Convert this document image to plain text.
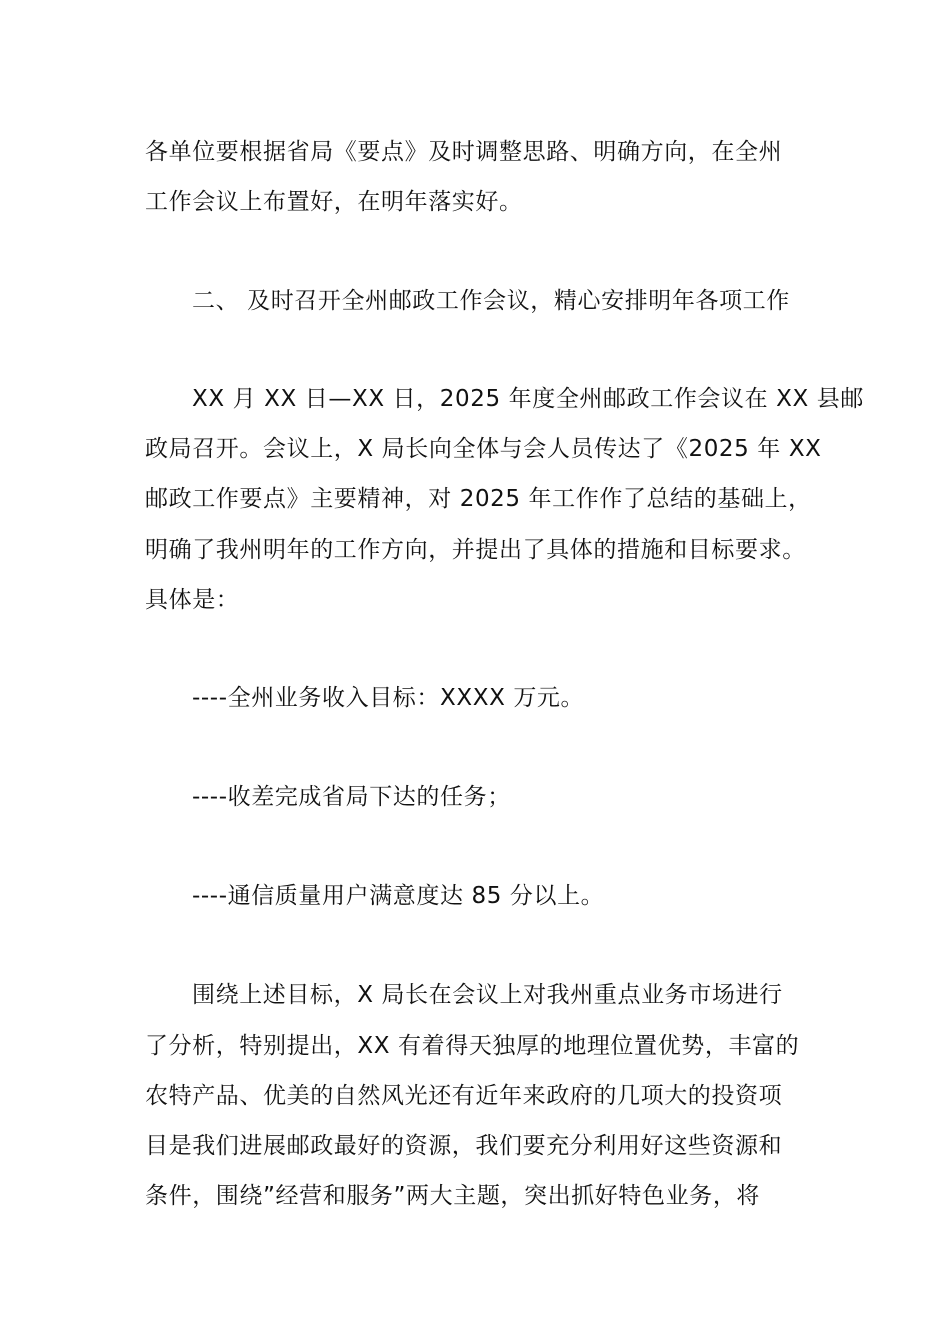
各单位要根据省局《要点》及时调整思路、明确方向，在全州
工作会议上布置好，在明年落实好。
二、 及时召开全州邮政工作会议，精心安排明年各项工作
XX 月 XX 日—XX 日，2025 年度全州邮政工作会议在 XX 县邮
政局召开。会议上，X 局长向全体与会人员传达了《2025 年 XX
邮政工作要点》主要精神，对 2025 年工作作了总结的基础上，
明确了我州明年的工作方向，并提出了具体的措施和目标要求。
具体是：
----全州业务收入目标：XXXX 万元。
----收差完成省局下达的任务；
----通信质量用户满意度达 85 分以上。
围绕上述目标，X 局长在会议上对我州重点业务市场进行
了分析，特别提出，XX 有着得天独厚的地理位置优势，丰富的
农特产品、优美的自然风光还有近年来政府的几项大的投资项
目是我们进展邮政最好的资源，我们要充分利用好这些资源和
条件，围绕”经营和服务”两大主题，突出抓好特色业务，将
